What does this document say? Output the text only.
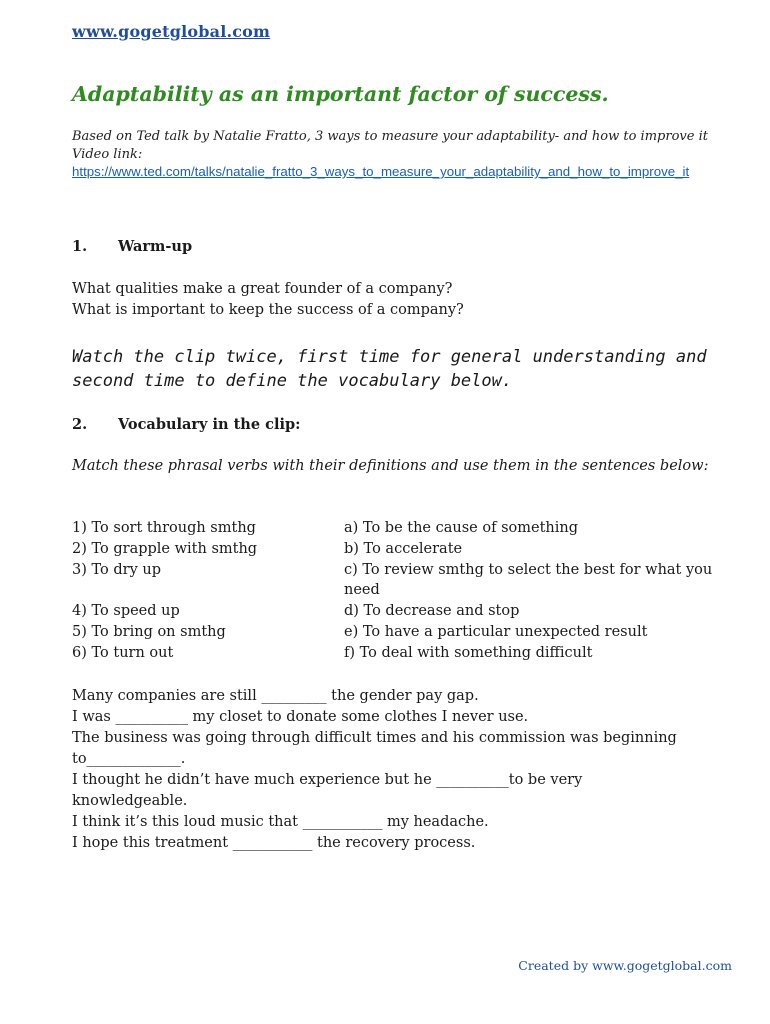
www.gogetglobal.com
Adaptability as an important factor of success.
Based on Ted talk by Natalie Fratto, 3 ways to measure your adaptability- and how to improve it
Video link:
https://www.ted.com/talks/natalie_fratto_3_ways_to_measure_your_adaptability_and_how_to_improve_it
1. Warm-up
What qualities make a great founder of a company?
What is important to keep the success of a company?
Watch the clip twice, first time for general understanding and second time to define the vocabulary below.
2. Vocabulary in the clip:
Match these phrasal verbs with their definitions and use them in the sentences below:
1) To sort through smthg	a) To be the cause of something
2) To grapple with smthg	b) To accelerate
3) To dry up	c) To review smthg to select the best for what you need
4) To speed up	d) To decrease and stop
5) To bring on smthg	e) To have a particular unexpected result
6) To turn out	f) To deal with something difficult
Many companies are still _________ the gender pay gap.
I was __________ my closet to donate some clothes I never use.
The business was going through difficult times and his commission was beginning to_____________.
I thought he didn’t have much experience but he __________to be very knowledgeable.
I think it’s this loud music that ___________ my headache.
I hope this treatment ___________ the recovery process.
Created by www.gogetglobal.com
